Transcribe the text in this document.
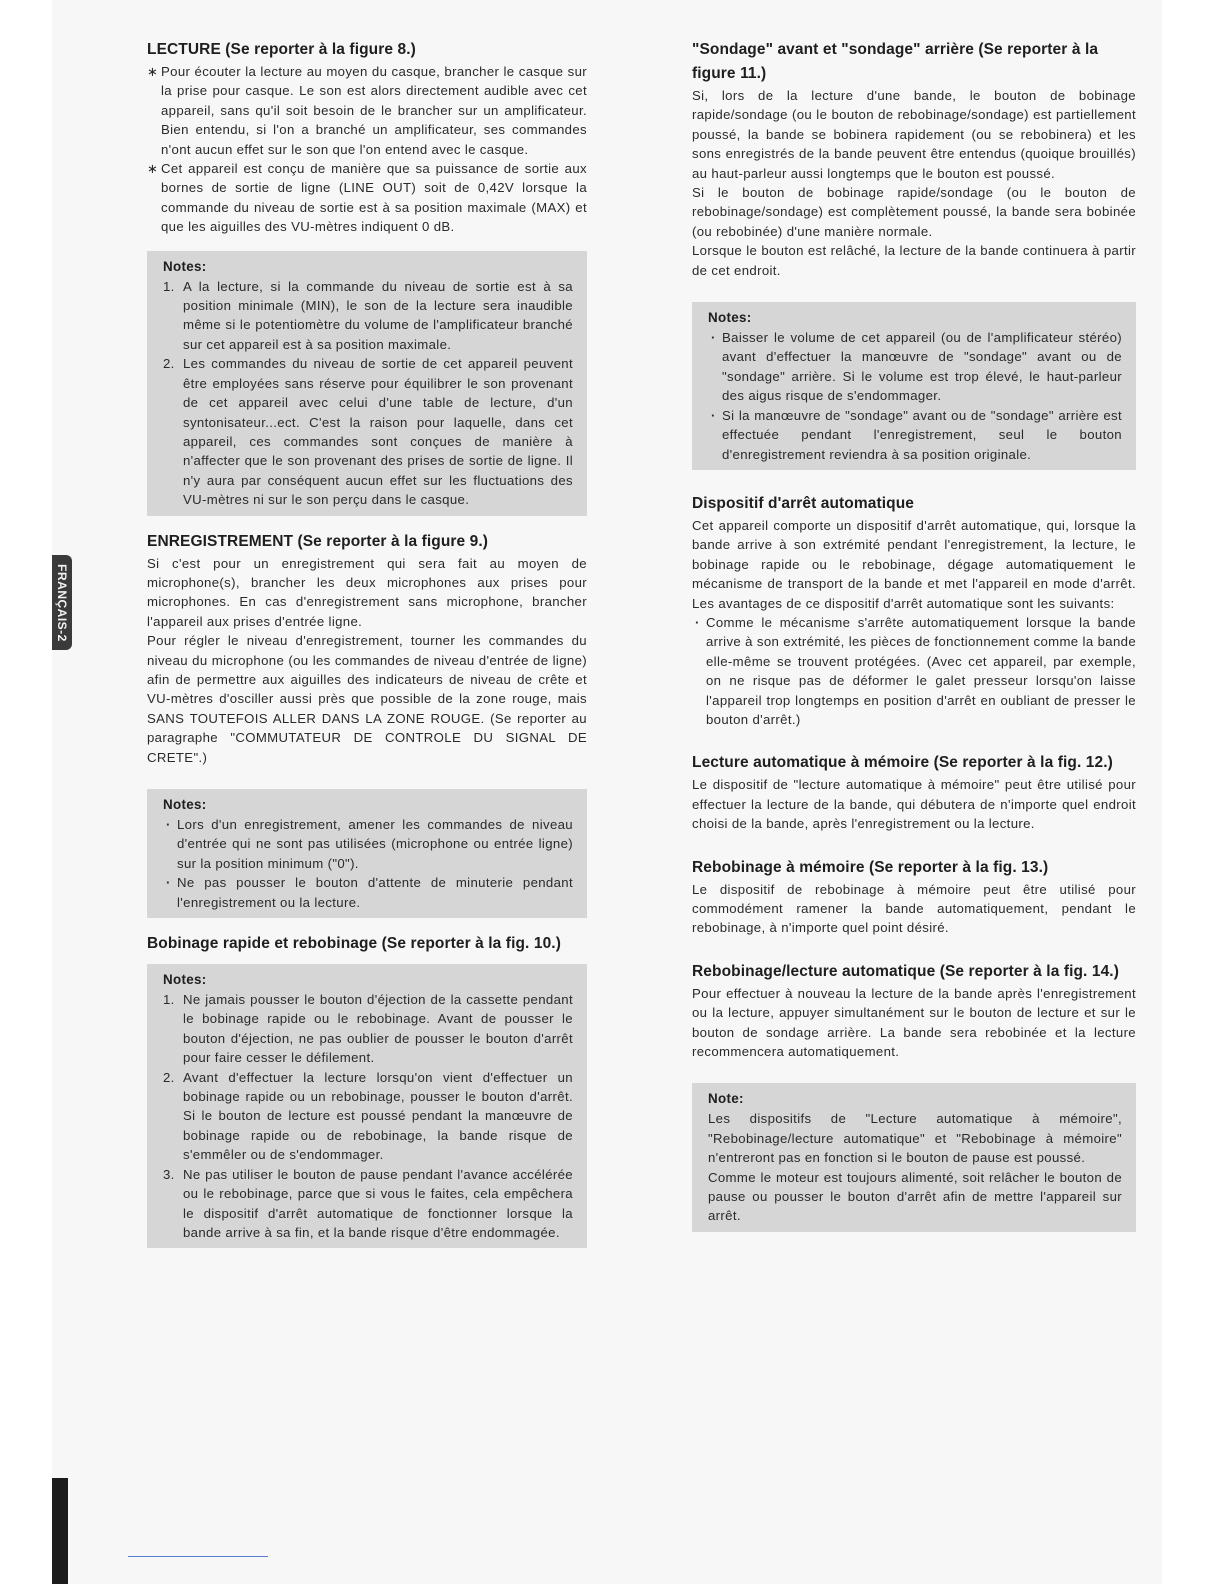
FRANÇAIS-2
LECTURE (Se reporter à la figure 8.)
∗ Pour écouter la lecture au moyen du casque, brancher le casque sur la prise pour casque. Le son est alors directement audible avec cet appareil, sans qu'il soit besoin de le brancher sur un amplificateur. Bien entendu, si l'on a branché un amplificateur, ses commandes n'ont aucun effet sur le son que l'on entend avec le casque.
∗ Cet appareil est conçu de manière que sa puissance de sortie aux bornes de sortie de ligne (LINE OUT) soit de 0,42V lorsque la commande du niveau de sortie est à sa position maximale (MAX) et que les aiguilles des VU-mètres indiquent 0 dB.
Notes:
1. A la lecture, si la commande du niveau de sortie est à sa position minimale (MIN), le son de la lecture sera inaudible même si le potentiomètre du volume de l'amplificateur branché sur cet appareil est à sa position maximale.
2. Les commandes du niveau de sortie de cet appareil peuvent être employées sans réserve pour équilibrer le son provenant de cet appareil avec celui d'une table de lecture, d'un syntonisateur...ect. C'est la raison pour laquelle, dans cet appareil, ces commandes sont conçues de manière à n'affecter que le son provenant des prises de sortie de ligne. Il n'y aura par conséquent aucun effet sur les fluctuations des VU-mètres ni sur le son perçu dans le casque.
ENREGISTREMENT (Se reporter à la figure 9.)

Si c'est pour un enregistrement qui sera fait au moyen de microphone(s), brancher les deux microphones aux prises pour microphones. En cas d'enregistrement sans microphone, brancher l'appareil aux prises d'entrée ligne.

Pour régler le niveau d'enregistrement, tourner les commandes du niveau du microphone (ou les commandes de niveau d'entrée de ligne) afin de permettre aux aiguilles des indicateurs de niveau de crête et VU-mètres d'osciller aussi près que possible de la zone rouge, mais SANS TOUTEFOIS ALLER DANS LA ZONE ROUGE. (Se reporter au paragraphe "COMMUTATEUR DE CONTROLE DU SIGNAL DE CRETE".)

Notes:
· Lors d'un enregistrement, amener les commandes de niveau d'entrée qui ne sont pas utilisées (microphone ou entrée ligne) sur la position minimum ("0").
· Ne pas pousser le bouton d'attente de minuterie pendant l'enregistrement ou la lecture.
Bobinage rapide et rebobinage (Se reporter à la fig. 10.)
Notes:
1. Ne jamais pousser le bouton d'éjection de la cassette pendant le bobinage rapide ou le rebobinage. Avant de pousser le bouton d'éjection, ne pas oublier de pousser le bouton d'arrêt pour faire cesser le défilement.
2. Avant d'effectuer la lecture lorsqu'on vient d'effectuer un bobinage rapide ou un rebobinage, pousser le bouton d'arrêt. Si le bouton de lecture est poussé pendant la manœuvre de bobinage rapide ou de rebobinage, la bande risque de s'emmêler ou de s'endommager.
3. Ne pas utiliser le bouton de pause pendant l'avance accélérée ou le rebobinage, parce que si vous le faites, cela empêchera le dispositif d'arrêt automatique de fonctionner lorsque la bande arrive à sa fin, et la bande risque d'être endommagée.
"Sondage" avant et "sondage" arrière (Se reporter à la figure 11.)

Si, lors de la lecture d'une bande, le bouton de bobinage rapide/sondage (ou le bouton de rebobinage/sondage) est partiellement poussé, la bande se bobinera rapidement (ou se rebobinera) et les sons enregistrés de la bande peuvent être entendus (quoique brouillés) au haut-parleur aussi longtemps que le bouton est poussé.

Si le bouton de bobinage rapide/sondage (ou le bouton de rebobinage/sondage) est complètement poussé, la bande sera bobinée (ou rebobinée) d'une manière normale.

Lorsque le bouton est relâché, la lecture de la bande continuera à partir de cet endroit.

Notes:
· Baisser le volume de cet appareil (ou de l'amplificateur stéréo) avant d'effectuer la manœuvre de "sondage" avant ou de "sondage" arrière. Si le volume est trop élevé, le haut-parleur des aigus risque de s'endommager.
· Si la manœuvre de "sondage" avant ou de "sondage" arrière est effectuée pendant l'enregistrement, seul le bouton d'enregistrement reviendra à sa position originale.
Dispositif d'arrêt automatique

Cet appareil comporte un dispositif d'arrêt automatique, qui, lorsque la bande arrive à son extrémité pendant l'enregistrement, la lecture, le bobinage rapide ou le rebobinage, dégage automatiquement le mécanisme de transport de la bande et met l'appareil en mode d'arrêt. Les avantages de ce dispositif d'arrêt automatique sont les suivants:

· Comme le mécanisme s'arrête automatiquement lorsque la bande arrive à son extrémité, les pièces de fonctionnement comme la bande elle-même se trouvent protégées. (Avec cet appareil, par exemple, on ne risque pas de déformer le galet presseur lorsqu'on laisse l'appareil trop longtemps en position d'arrêt en oubliant de presser le bouton d'arrêt.)
Lecture automatique à mémoire (Se reporter à la fig. 12.)

Le dispositif de "lecture automatique à mémoire" peut être utilisé pour effectuer la lecture de la bande, qui débutera de n'importe quel endroit choisi de la bande, après l'enregistrement ou la lecture.

Rebobinage à mémoire (Se reporter à la fig. 13.)

Le dispositif de rebobinage à mémoire peut être utilisé pour commodément ramener la bande automatiquement, pendant le rebobinage, à n'importe quel point désiré.

Rebobinage/lecture automatique (Se reporter à la fig. 14.)

Pour effectuer à nouveau la lecture de la bande après l'enregistrement ou la lecture, appuyer simultanément sur le bouton de lecture et sur le bouton de sondage arrière. La bande sera rebobinée et la lecture recommencera automatiquement.

Note:

Les dispositifs de "Lecture automatique à mémoire", "Rebobinage/lecture automatique" et "Rebobinage à mémoire" n'entreront pas en fonction si le bouton de pause est poussé.

Comme le moteur est toujours alimenté, soit relâcher le bouton de pause ou pousser le bouton d'arrêt afin de mettre l'appareil sur arrêt.
